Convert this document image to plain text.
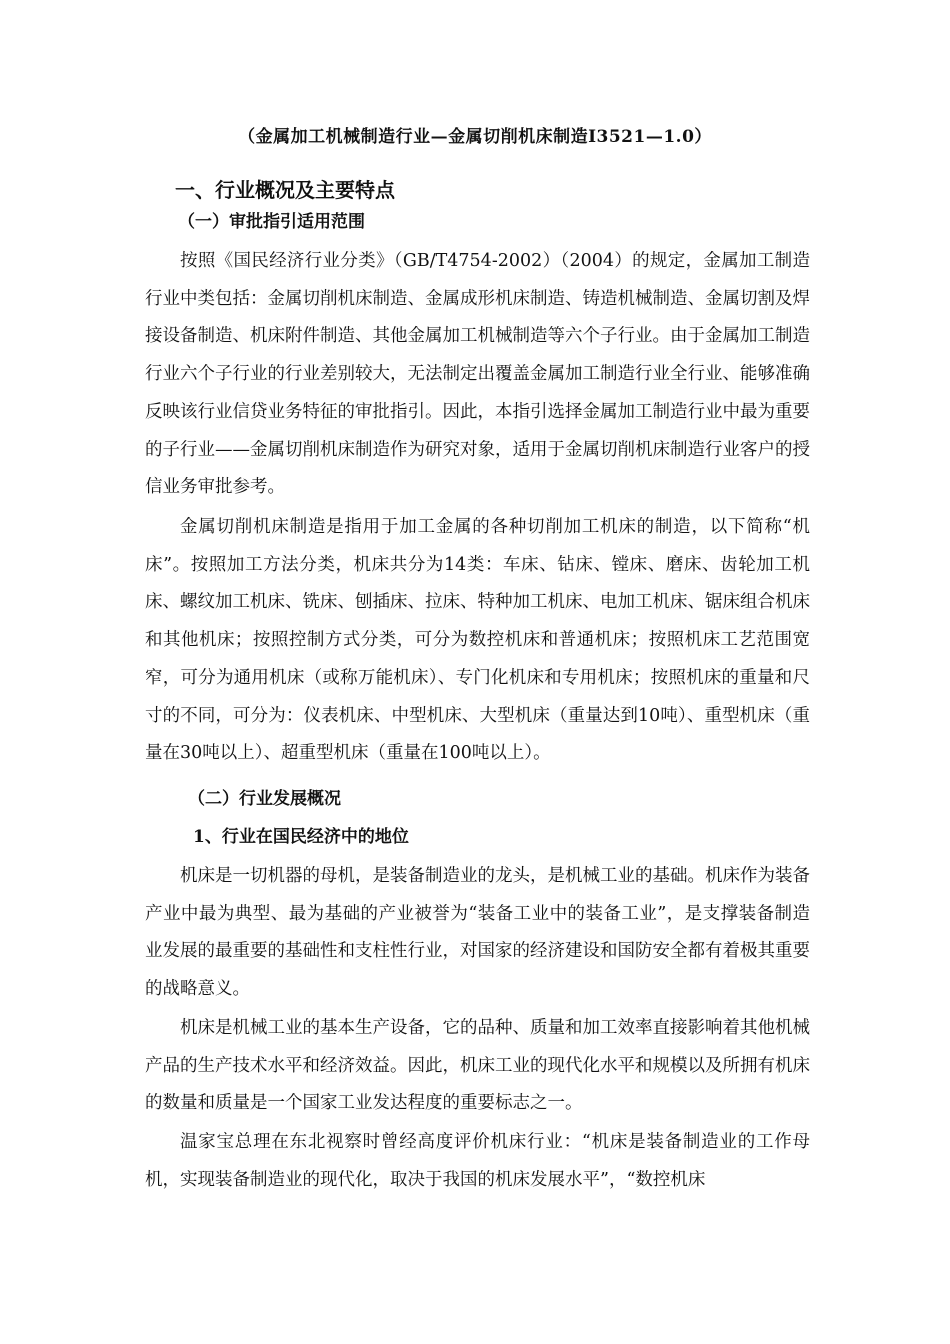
（金属加工机械制造行业—金属切削机床制造I3521—1.0）
一、行业概况及主要特点
（一）审批指引适用范围

按照《国民经济行业分类》（GB/T4754-2002）（2004）的规定，金属加工制造行业中类包括：金属切削机床制造、金属成形机床制造、铸造机械制造、金属切割及焊接设备制造、机床附件制造、其他金属加工机械制造等六个子行业。由于金属加工制造行业六个子行业的行业差别较大，无法制定出覆盖金属加工制造行业全行业、能够准确反映该行业信贷业务特征的审批指引。因此，本指引选择金属加工制造行业中最为重要的子行业——金属切削机床制造作为研究对象，适用于金属切削机床制造行业客户的授信业务审批参考。

金属切削机床制造是指用于加工金属的各种切削加工机床的制造，以下简称“机床”。按照加工方法分类，机床共分为14类：车床、钻床、镗床、磨床、齿轮加工机床、螺纹加工机床、铣床、刨插床、拉床、特种加工机床、电加工机床、锯床组合机床和其他机床；按照控制方式分类，可分为数控机床和普通机床；按照机床工艺范围宽窄，可分为通用机床（或称万能机床）、专门化机床和专用机床；按照机床的重量和尺寸的不同，可分为：仪表机床、中型机床、大型机床（重量达到10吨）、重型机床（重量在30吨以上）、超重型机床（重量在100吨以上）。

（二）行业发展概况
1、行业在国民经济中的地位

机床是一切机器的母机，是装备制造业的龙头，是机械工业的基础。机床作为装备产业中最为典型、最为基础的产业被誉为“装备工业中的装备工业”，是支撑装备制造业发展的最重要的基础性和支柱性行业，对国家的经济建设和国防安全都有着极其重要的战略意义。

机床是机械工业的基本生产设备，它的品种、质量和加工效率直接影响着其他机械产品的生产技术水平和经济效益。因此，机床工业的现代化水平和规模以及所拥有机床的数量和质量是一个国家工业发达程度的重要标志之一。

温家宝总理在东北视察时曾经高度评价机床行业：“机床是装备制造业的工作母机，实现装备制造业的现代化，取决于我国的机床发展水平”，“数控机床
